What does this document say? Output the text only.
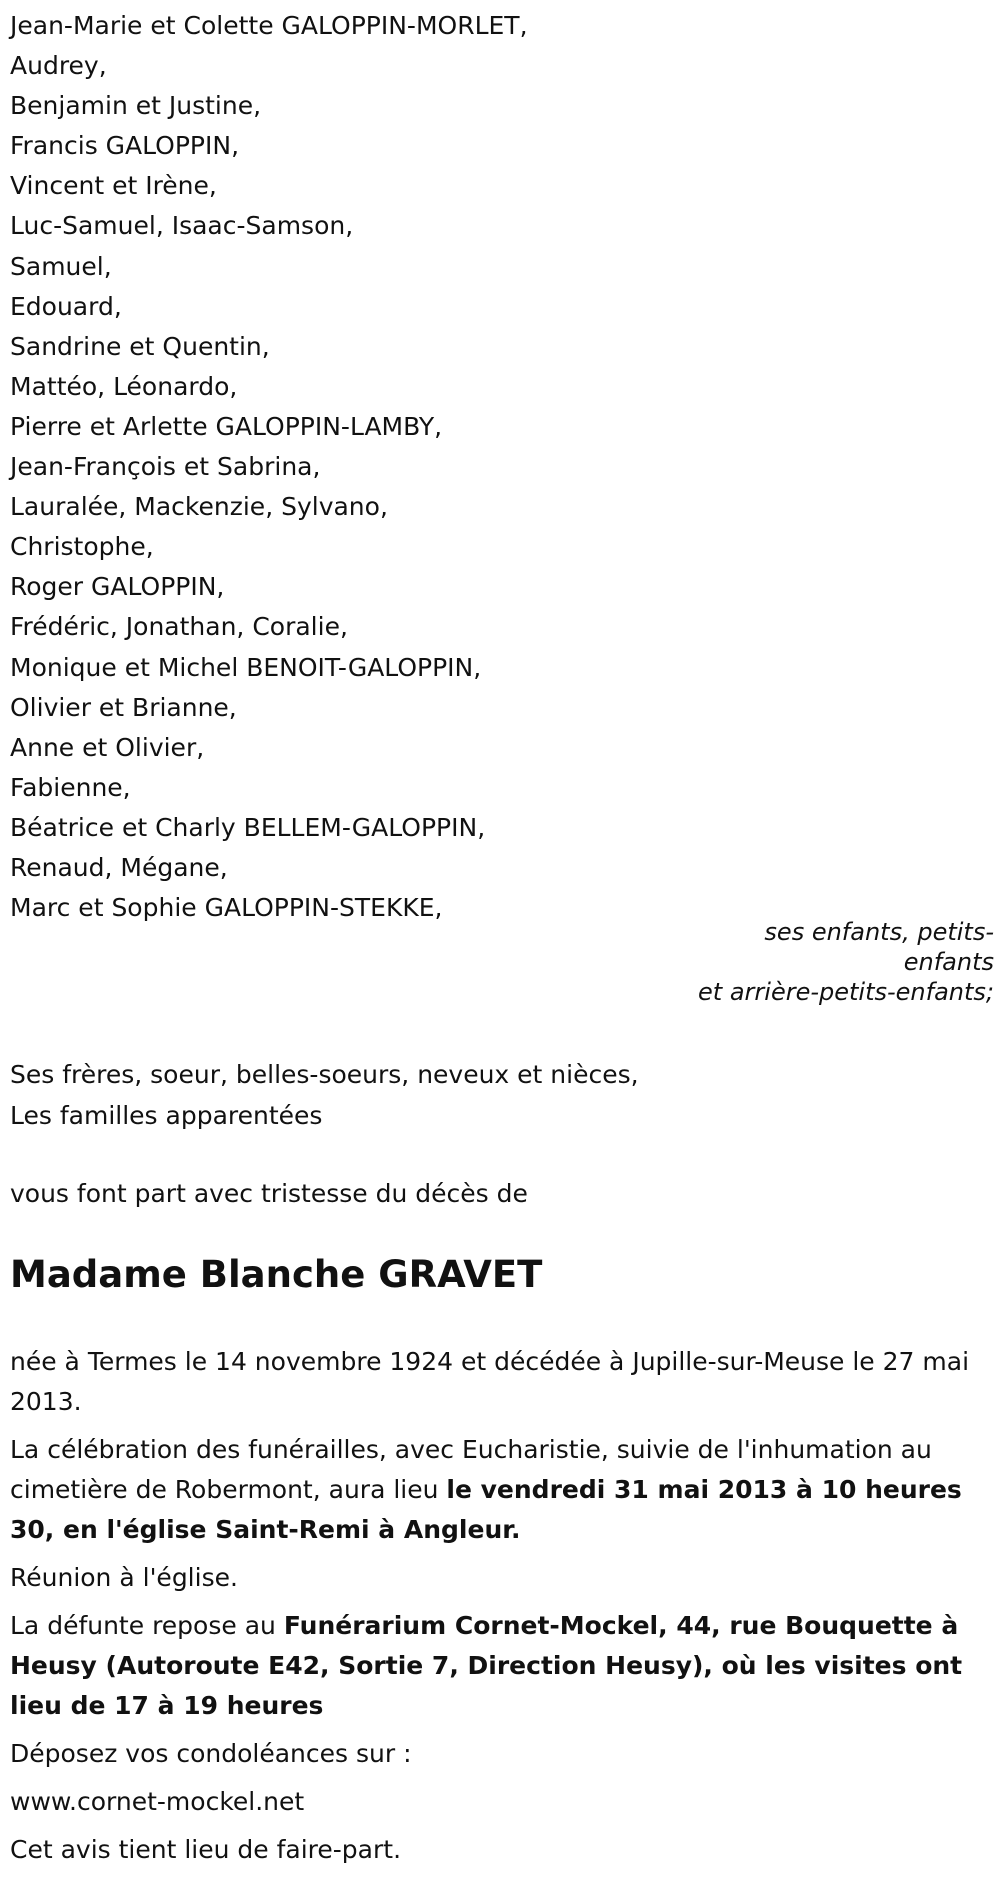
Jean-Marie et Colette GALOPPIN-MORLET,
Audrey,
Benjamin et Justine,
Francis GALOPPIN,
Vincent et Irène,
Luc-Samuel, Isaac-Samson,
Samuel,
Edouard,
Sandrine et Quentin,
Mattéo, Léonardo,
Pierre et Arlette GALOPPIN-LAMBY,
Jean-François et Sabrina,
Lauralée, Mackenzie, Sylvano,
Christophe,
Roger GALOPPIN,
Frédéric, Jonathan, Coralie,
Monique et Michel BENOIT-GALOPPIN,
Olivier et Brianne,
Anne et Olivier,
Fabienne,
Béatrice et Charly BELLEM-GALOPPIN,
Renaud, Mégane,
Marc et Sophie GALOPPIN-STEKKE,
ses enfants, petits-enfants
et arrière-petits-enfants;
Ses frères, soeur, belles-soeurs, neveux et nièces,
Les familles apparentées

vous font part avec tristesse du décès de

Madame Blanche GRAVET

née à Termes le 14 novembre 1924 et décédée à Jupille-sur-Meuse le 27 mai 2013.

La célébration des funérailles, avec Eucharistie, suivie de l'inhumation au cimetière de Robermont, aura lieu le vendredi 31 mai 2013 à 10 heures 30, en l'église Saint-Remi à Angleur.

Réunion à l'église.

La défunte repose au Funérarium Cornet-Mockel, 44, rue Bouquette à Heusy (Autoroute E42, Sortie 7, Direction Heusy), où les visites ont lieu de 17 à 19 heures

Déposez vos condoléances sur :

www.cornet-mockel.net

Cet avis tient lieu de faire-part.
